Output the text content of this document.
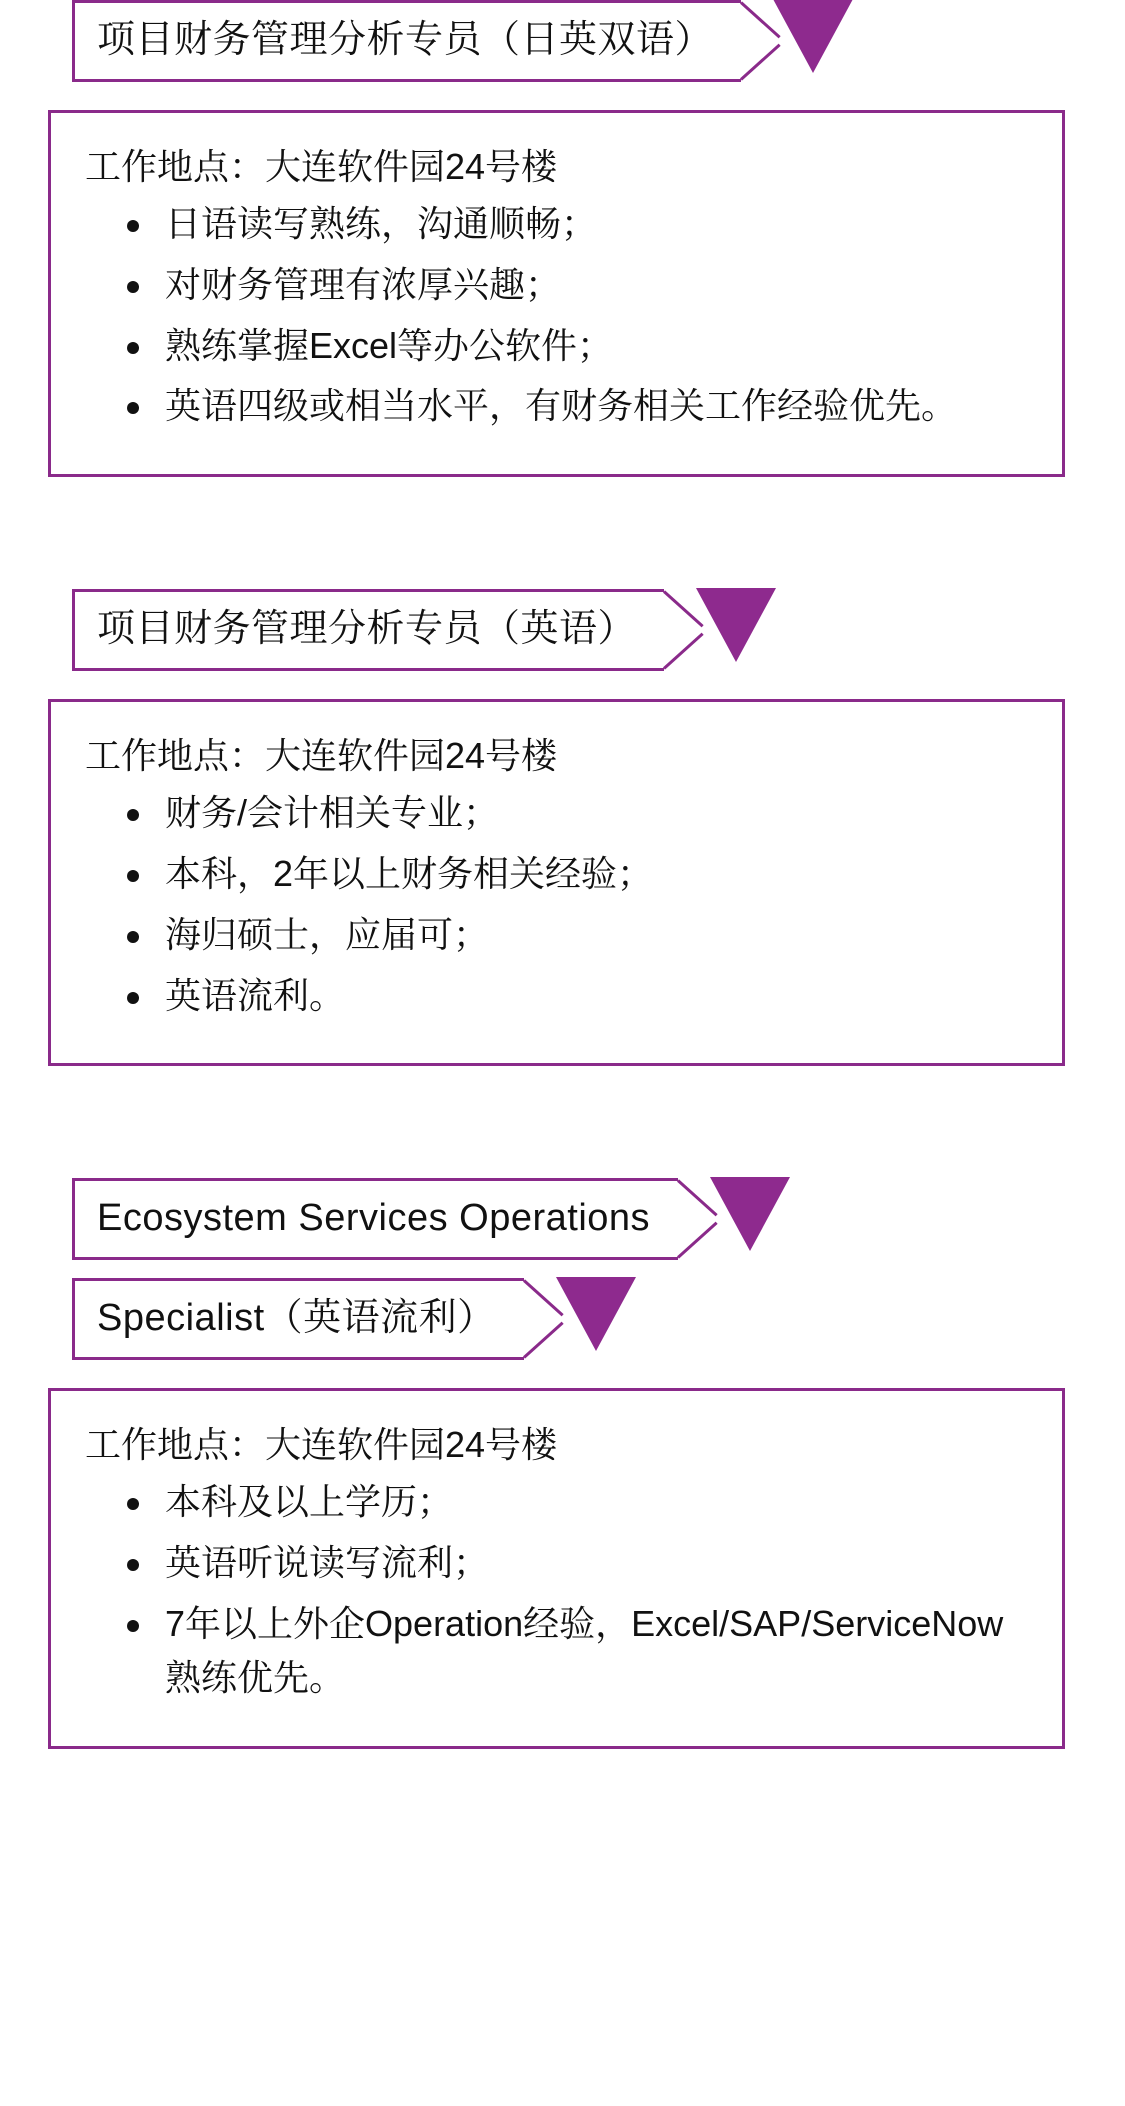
项目财务管理分析专员（日英双语）

工作地点：大连软件园24号楼

日语读写熟练，沟通顺畅；
对财务管理有浓厚兴趣；
熟练掌握Excel等办公软件；
英语四级或相当水平，有财务相关工作经验优先。
项目财务管理分析专员（英语）

工作地点：大连软件园24号楼

财务/会计相关专业；
本科，2年以上财务相关经验；
海归硕士，应届可；
英语流利。
Ecosystem Services Operations
Specialist（英语流利）

工作地点：大连软件园24号楼

本科及以上学历；
英语听说读写流利；
7年以上外企Operation经验，Excel/SAP/ServiceNow熟练优先。
